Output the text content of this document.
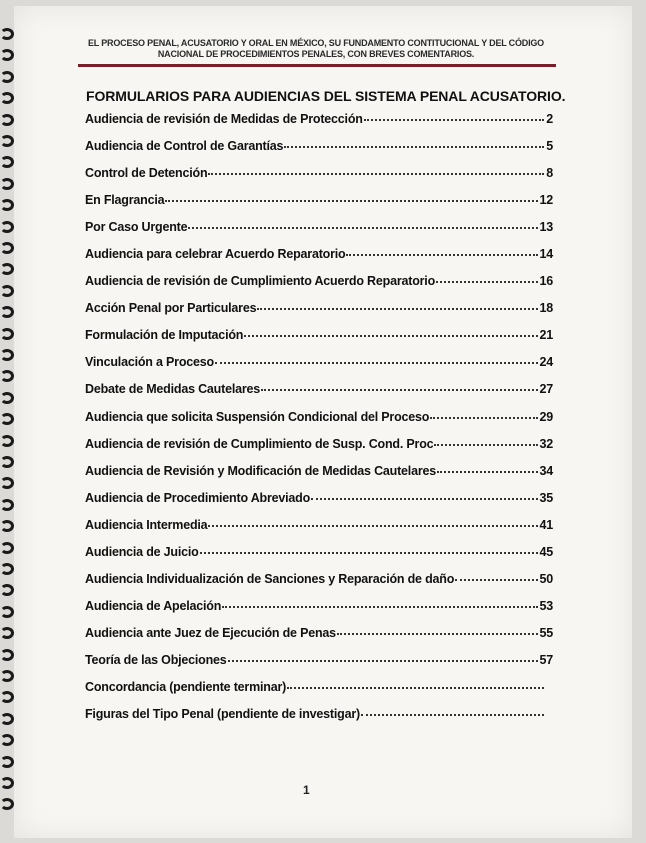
EL PROCESO PENAL, ACUSATORIO Y ORAL EN MÉXICO, SU FUNDAMENTO CONTITUCIONAL Y DEL CÓDIGO
NACIONAL DE PROCEDIMIENTOS PENALES, CON BREVES COMENTARIOS.
FORMULARIOS PARA AUDIENCIAS DEL SISTEMA PENAL ACUSATORIO.
Audiencia de revisión de Medidas de Protección	2
Audiencia de Control de Garantías	5
Control de Detención	8
En Flagrancia	12
Por Caso Urgente	13
Audiencia para celebrar Acuerdo Reparatorio	14
Audiencia de revisión de Cumplimiento Acuerdo Reparatorio	16
Acción Penal por Particulares	18
Formulación de Imputación	21
Vinculación a Proceso	24
Debate de Medidas Cautelares	27
Audiencia que solicita Suspensión Condicional del Proceso	29
Audiencia de revisión de Cumplimiento de Susp. Cond. Proc	32
Audiencia de Revisión y Modificación de Medidas Cautelares	34
Audiencia de Procedimiento Abreviado	35
Audiencia Intermedia	41
Audiencia de Juicio	45
Audiencia Individualización de Sanciones y Reparación de daño	50
Audiencia de Apelación	53
Audiencia ante Juez de Ejecución de Penas	55
Teoría de las Objeciones	57
Concordancia (pendiente terminar)
Figuras del Tipo Penal (pendiente de investigar)
1
